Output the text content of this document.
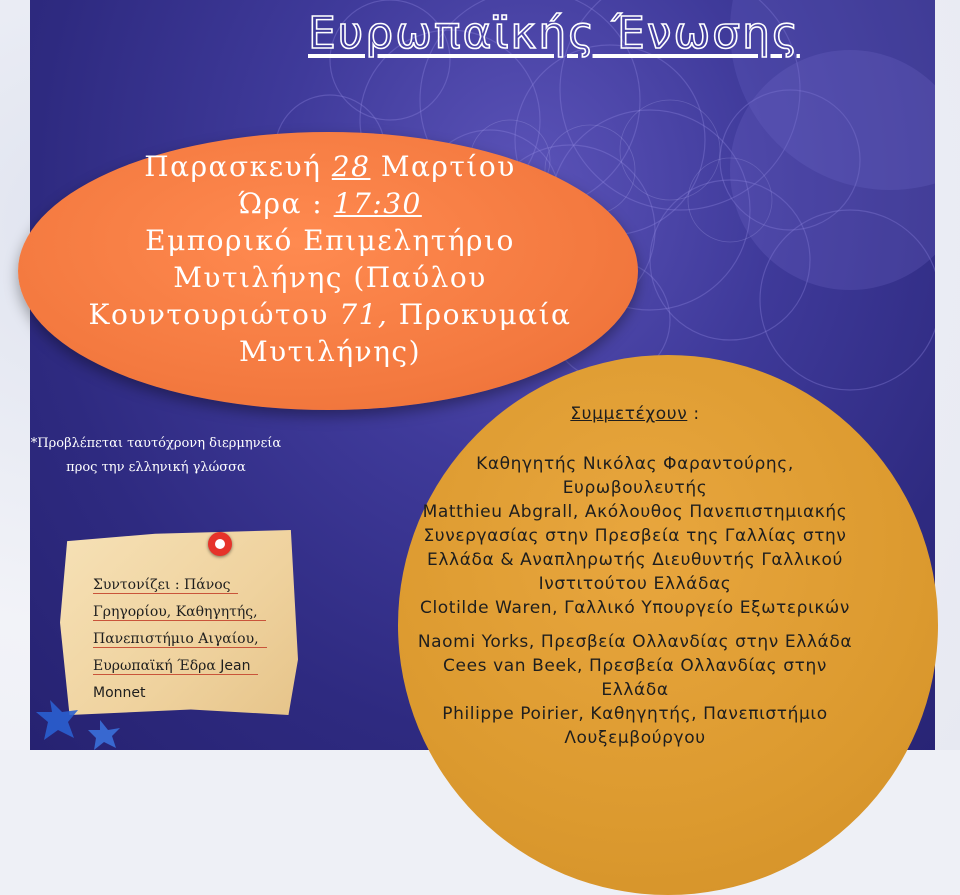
Ευρωπαϊκής Ένωσης
Παρασκευή 28 Μαρτίου
Ώρα : 17:30
Εμπορικό Επιμελητήριο
Μυτιλήνης (Παύλου
Κουντουριώτου 71, Προκυμαία
Μυτιλήνης)
*Προβλέπεται ταυτόχρονη διερμηνεία
προς την ελληνική γλώσσα
Συμμετέχουν :
Καθηγητής Νικόλας Φαραντούρης,
Ευρωβουλευτής
Matthieu Abgrall, Ακόλουθος Πανεπιστημιακής
Συνεργασίας στην Πρεσβεία της Γαλλίας στην
Ελλάδα & Αναπληρωτής Διευθυντής Γαλλικού
Ινστιτούτου Ελλάδας
Clotilde Waren, Γαλλικό Υπουργείο Εξωτερικών
Naomi Yorks, Πρεσβεία Ολλανδίας στην Ελλάδα
Cees van Beek, Πρεσβεία Ολλανδίας στην
Ελλάδα
Philippe Poirier, Καθηγητής, Πανεπιστήμιο
Λουξεμβούργου
Συντονίζει : Πάνος
Γρηγορίου, Καθηγητής,
Πανεπιστήμιο Αιγαίου,
Ευρωπαϊκή Έδρα Jean
Monnet
